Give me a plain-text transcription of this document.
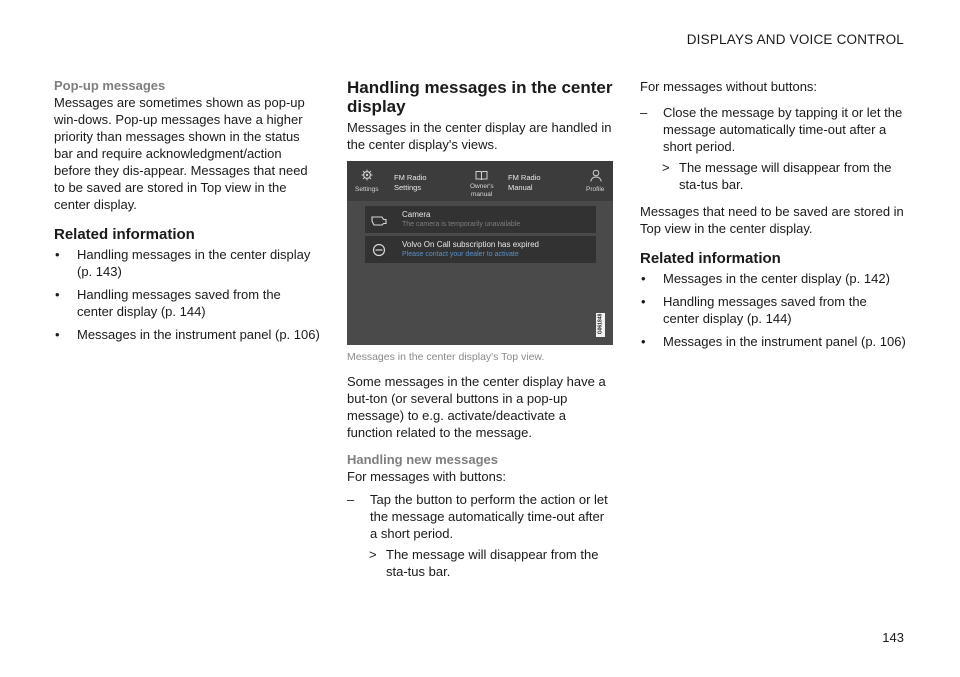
DISPLAYS AND VOICE CONTROL
Pop-up messages

Messages are sometimes shown as pop-up win-dows. Pop-up messages have a higher priority than messages shown in the status bar and require acknowledgment/action before they dis-appear. Messages that need to be saved are stored in Top view in the center display.

Related information
• Handling messages in the center display (p. 143)
• Handling messages saved from the center display (p. 144)
• Messages in the instrument panel (p. 106)
Handling messages in the center display

Messages in the center display are handled in the center display's views.

Settings
FM Radio
Settings	Owner's
manual
FM Radio
Manual	Profile
Camera
The camera is temporarily unavailable
Volvo On Call subscription has expired
Please contact your dealer to activate
G061848
Messages in the center display's Top view.

Some messages in the center display have a but-ton (or several buttons in a pop-up message) to e.g. activate/deactivate a function related to the message.

Handling new messages

For messages with buttons:

– Tap the button to perform the action or let the message automatically time-out after a short period.
> The message will disappear from the sta-tus bar.

For messages without buttons:

– Close the message by tapping it or let the message automatically time-out after a short period.
> The message will disappear from the sta-tus bar.

Messages that need to be saved are stored in Top view in the center display.

Related information
• Messages in the center display (p. 142)
• Handling messages saved from the center display (p. 144)
• Messages in the instrument panel (p. 106)
143
